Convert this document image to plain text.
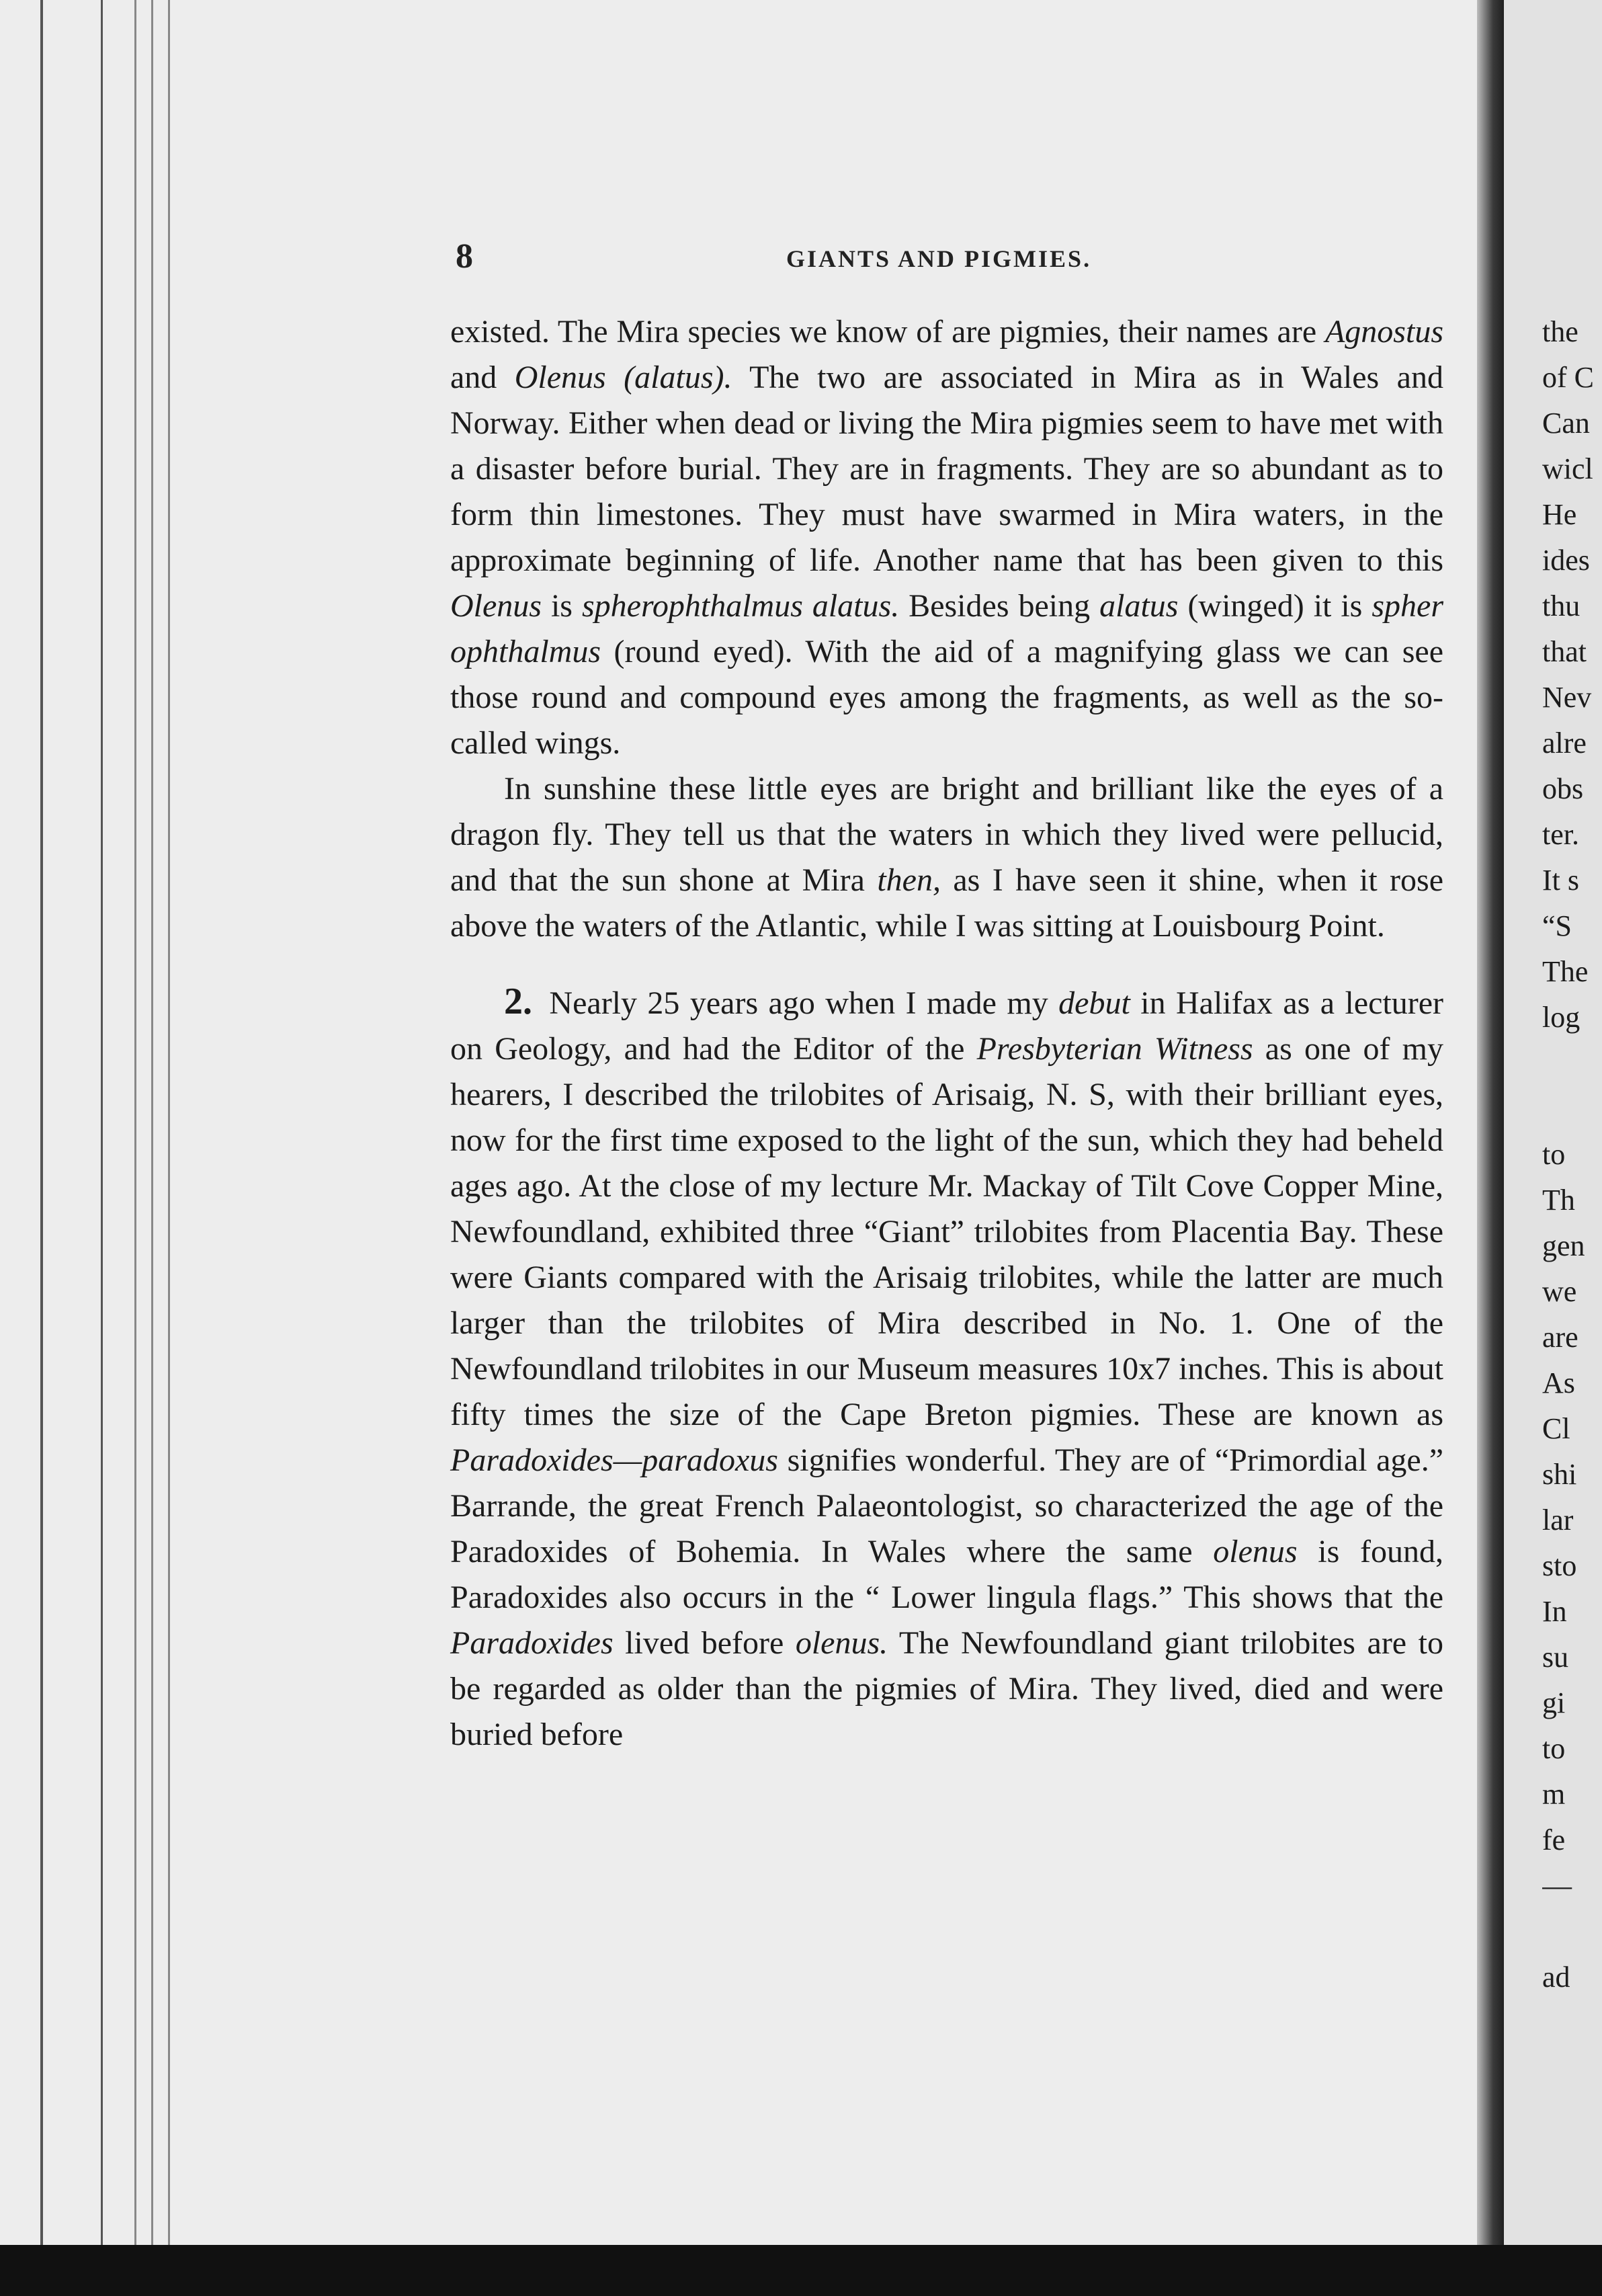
8	GIANTS AND PIGMIES.

existed. The Mira species we know of are pigmies, their names are Agnostus and Olenus (alatus). The two are associated in Mira as in Wales and Norway. Either when dead or living the Mira pigmies seem to have met with a disaster before burial. They are in fragments. They are so abundant as to form thin limestones. They must have swarmed in Mira waters, in the approximate beginning of life. Another name that has been given to this Olenus is spherophthalmus alatus. Besides being alatus (winged) it is spher ophthalmus (round eyed). With the aid of a magnifying glass we can see those round and compound eyes among the fragments, as well as the so-called wings.

In sunshine these little eyes are bright and brilliant like the eyes of a dragon fly. They tell us that the waters in which they lived were pellucid, and that the sun shone at Mira then, as I have seen it shine, when it rose above the waters of the Atlantic, while I was sitting at Louisbourg Point.

2. Nearly 25 years ago when I made my debut in Halifax as a lecturer on Geology, and had the Editor of the Presbyterian Witness as one of my hearers, I described the trilobites of Arisaig, N. S, with their brilliant eyes, now for the first time exposed to the light of the sun, which they had beheld ages ago. At the close of my lecture Mr. Mackay of Tilt Cove Copper Mine, Newfoundland, exhibited three “Giant” trilobites from Placentia Bay. These were Giants compared with the Arisaig trilobites, while the latter are much larger than the trilobites of Mira described in No. 1. One of the Newfoundland trilobites in our Museum measures 10x7 inches. This is about fifty times the size of the Cape Breton pigmies. These are known as Paradoxides—paradoxus signifies wonderful. They are of “Primordial age.” Barrande, the great French Palaeontologist, so characterized the age of the Paradoxides of Bohemia. In Wales where the same olenus is found, Paradoxides also occurs in the “ Lower lingula flags.” This shows that the Paradoxides lived before olenus. The Newfoundland giant trilobites are to be regarded as older than the pigmies of Mira. They lived, died and were buried before

the
of C
Can
wicl
He
ides
thu
that
Nev
alre
obs
ter.
It s
“S
The
log
to
Th
gen
we
are
As
Cl
shi
lar
sto
In
su
gi
to
m
fe
—
ad
